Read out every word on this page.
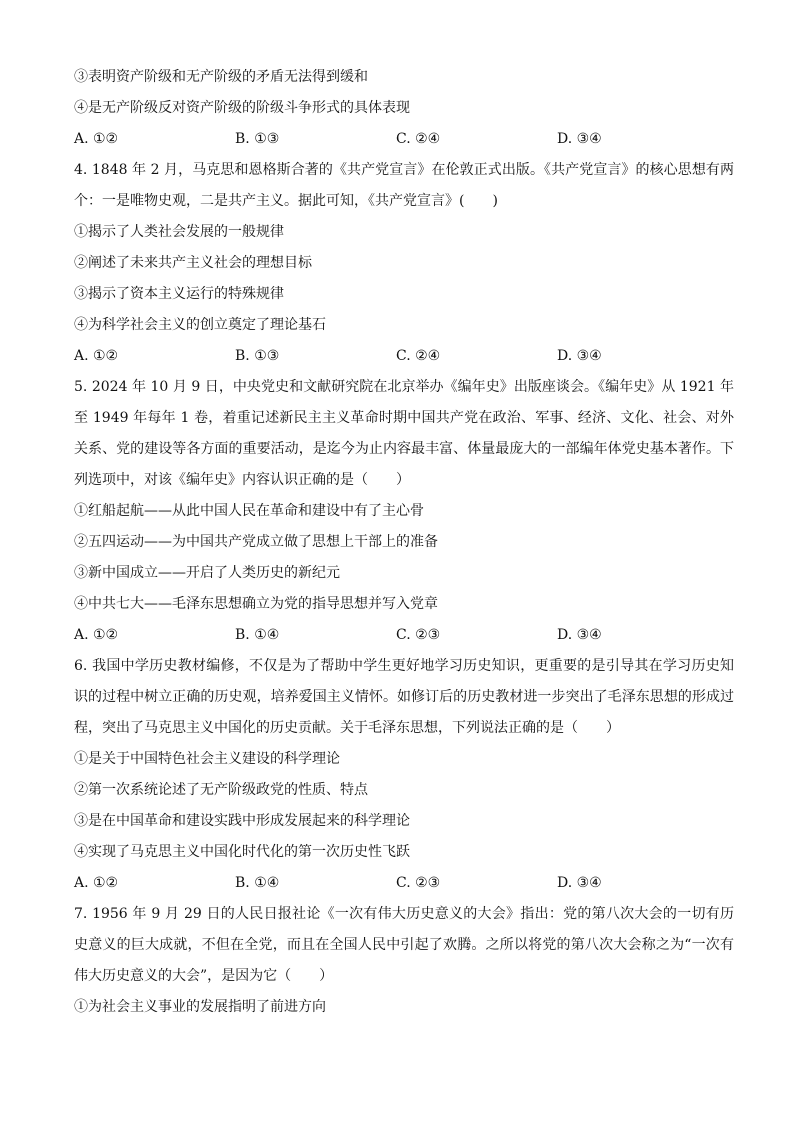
③表明资产阶级和无产阶级的矛盾无法得到缓和
④是无产阶级反对资产阶级的阶级斗争形式的具体表现
A. ①②	B. ①③	C. ②④	D. ③④
4. 1848 年 2 月，马克思和恩格斯合著的《共产党宣言》在伦敦正式出版。《共产党宣言》的核心思想有两个：一是唯物史观，二是共产主义。据此可知，《共产党宣言》(　　)
①揭示了人类社会发展的一般规律
②阐述了未来共产主义社会的理想目标
③揭示了资本主义运行的特殊规律
④为科学社会主义的创立奠定了理论基石
A. ①②	B. ①③	C. ②④	D. ③④
5. 2024 年 10 月 9 日，中央党史和文献研究院在北京举办《编年史》出版座谈会。《编年史》从 1921 年至 1949 年每年 1 卷，着重记述新民主主义革命时期中国共产党在政治、军事、经济、文化、社会、对外关系、党的建设等各方面的重要活动，是迄今为止内容最丰富、体量最庞大的一部编年体党史基本著作。下列选项中，对该《编年史》内容认识正确的是（　　）
①红船起航——从此中国人民在革命和建设中有了主心骨
②五四运动——为中国共产党成立做了思想上干部上的准备
③新中国成立——开启了人类历史的新纪元
④中共七大——毛泽东思想确立为党的指导思想并写入党章
A. ①②	B. ①④	C. ②③	D. ③④
6. 我国中学历史教材编修，不仅是为了帮助中学生更好地学习历史知识，更重要的是引导其在学习历史知识的过程中树立正确的历史观，培养爱国主义情怀。如修订后的历史教材进一步突出了毛泽东思想的形成过程，突出了马克思主义中国化的历史贡献。关于毛泽东思想，下列说法正确的是（　　）
①是关于中国特色社会主义建设的科学理论
②第一次系统论述了无产阶级政党的性质、特点
③是在中国革命和建设实践中形成发展起来的科学理论
④实现了马克思主义中国化时代化的第一次历史性飞跃
A. ①②	B. ①④	C. ②③	D. ③④
7. 1956 年 9 月 29 日的人民日报社论《一次有伟大历史意义的大会》指出：党的第八次大会的一切有历史意义的巨大成就，不但在全党，而且在全国人民中引起了欢腾。之所以将党的第八次大会称之为“一次有伟大历史意义的大会”，是因为它（　　）
①为社会主义事业的发展指明了前进方向
